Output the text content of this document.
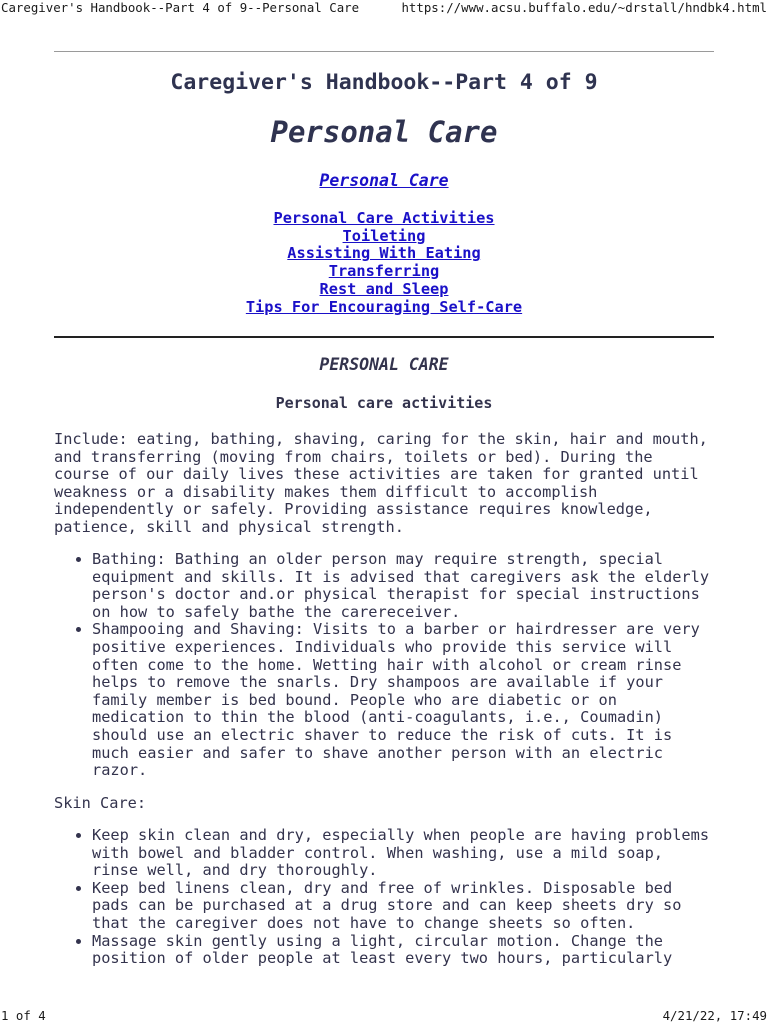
Caregiver's Handbook--Part 4 of 9--Personal Care	https://www.acsu.buffalo.edu/~drstall/hndbk4.html
Caregiver's Handbook--Part 4 of 9
Personal Care
Personal Care
Personal Care Activities
Toileting
Assisting With Eating
Transferring
Rest and Sleep
Tips For Encouraging Self-Care
PERSONAL CARE
Personal care activities

Include: eating, bathing, shaving, caring for the skin, hair and mouth, and transferring (moving from chairs, toilets or bed). During the course of our daily lives these activities are taken for granted until weakness or a disability makes them difficult to accomplish independently or safely. Providing assistance requires knowledge, patience, skill and physical strength.

• Bathing: Bathing an older person may require strength, special equipment and skills. It is advised that caregivers ask the elderly person's doctor and.or physical therapist for special instructions on how to safely bathe the carereceiver.
• Shampooing and Shaving: Visits to a barber or hairdresser are very positive experiences. Individuals who provide this service will often come to the home. Wetting hair with alcohol or cream rinse helps to remove the snarls. Dry shampoos are available if your family member is bed bound. People who are diabetic or on medication to thin the blood (anti-coagulants, i.e., Coumadin) should use an electric shaver to reduce the risk of cuts. It is much easier and safer to shave another person with an electric razor.

Skin Care:

• Keep skin clean and dry, especially when people are having problems with bowel and bladder control. When washing, use a mild soap, rinse well, and dry thoroughly.
• Keep bed linens clean, dry and free of wrinkles. Disposable bed pads can be purchased at a drug store and can keep sheets dry so that the caregiver does not have to change sheets so often.
• Massage skin gently using a light, circular motion. Change the position of older people at least every two hours, particularly
1 of 4	4/21/22, 17:49
